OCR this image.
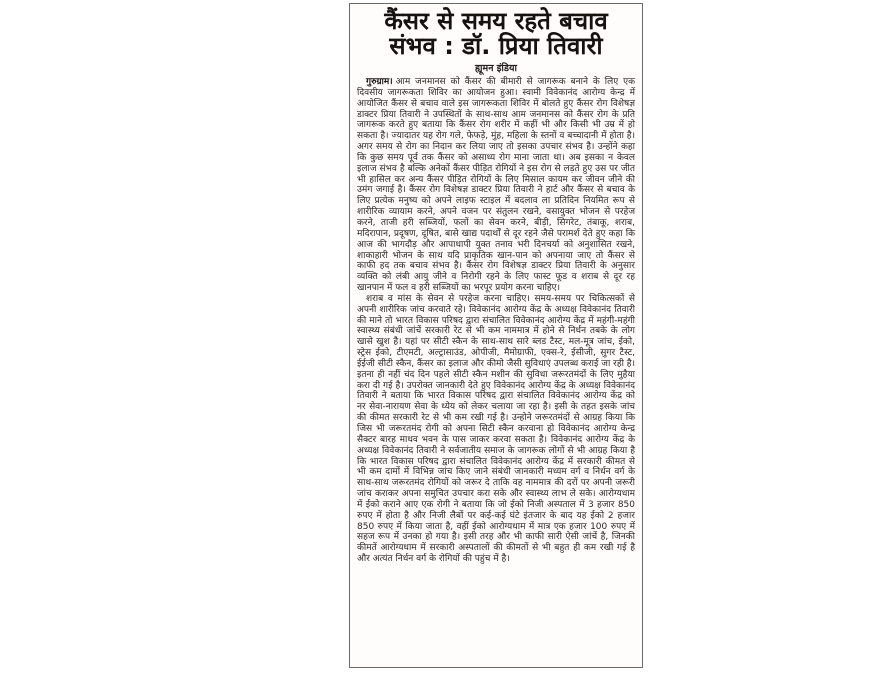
कैंसर से समय रहते बचाव
संभव : डॉ. प्रिया तिवारी
ह्यूमन इंडिया

गुरुग्राम। आम जनमानस को कैंसर की बीमारी से जागरूक बनाने के लिए एक दिवसीय जागरूकता शिविर का आयोजन हुआ। स्वामी विवेकानंद आरोग्य केन्द्र में आयोजित कैंसर से बचाव वाले इस जागरूकता शिविर में बोलते हुए कैंसर रोग विशेषज्ञ डाक्टर प्रिया तिवारी ने उपस्थितों के साथ-साथ आम जनमानस को कैंसर रोग के प्रति जागरूक करते हुए बताया कि कैंसर रोग शरीर में कहीं भी और किसी भी उम्र में हो सकता है। ज्यादातर यह रोग गले, फेफड़े, मुंह, महिला के स्तनों व बच्चादानी में होता है। अगर समय से रोग का निदान कर लिया जाए तो इसका उपचार संभव है। उन्होंने कहा कि कुछ समय पूर्व तक कैंसर को असाध्य रोग माना जाता था। अब इसका न केवल इलाज संभव है बल्कि अनेकों कैंसर पीड़ित रोगियों ने इस रोग से लड़ते हुए उस पर जीत भी हासिल कर अन्य कैंसर पीड़ित रोगियों के लिए मिसाल कायम कर जीवन जीने की उमंग जगाई है। कैंसर रोग विशेषज्ञ डाक्टर प्रिया तिवारी ने हार्ट और कैंसर से बचाव के लिए प्रत्येक मनुष्य को अपने लाइफ स्टाइल में बदलाव ला प्रतिदिन नियमित रूप से शारीरिक व्यायाम करने, अपने वजन पर संतुलन रखने, वसायुक्त भोजन से परहेज करने, ताजी हरी सब्जियों, फलों का सेवन करने, बीड़ी, सिगरेट, तंबाकू, शराब, मदिरापान, प्रदूषण, दूषित, बासे खाद्य पदार्थों से दूर रहने जैसे परामर्श देते हुए कहा कि आज की भागदौड़ और आपाधापी युक्त तनाव भरी दिनचर्या को अनुशासित रखने, शाकाहारी भोजन के साथ यदि प्राकृतिक खान-पान को अपनाया जाए तो कैंसर से काफी हद तक बचाव संभव है। कैंसर रोग विशेषज्ञ डाक्टर प्रिया तिवारी के अनुसार व्यक्ति को लंबी आयु जीने व निरोगी रहने के लिए फास्ट फूड व शराब से दूर रह खानपान में फल व हरी सब्जियों का भरपूर प्रयोग करना चाहिए।

शराब व मांस के सेवन से परहेज करना चाहिए। समय-समय पर चिकित्सकों से अपनी शारीरिक जांच करवाते रहे। विवेकानंद आरोग्य केंद्र के अध्यक्ष विवेकानंद तिवारी की माने तो भारत विकास परिषद द्वारा संचालित विवेकानंद आरोग्य केंद्र में महंगी-महंगी स्वास्थ्य संबंधी जांचें सरकारी रेट से भी कम नाममात्र में होने से निर्धन तबके के लोग खासे खुश है। यहां पर सीटी स्कैन के साथ-साथ सारे ब्लड टैस्ट, मल-मूत्र जांच, ईको, स्ट्रेस ईको, टीएमटी, अल्ट्रासाउंड, ओपीजी, मैमोग्राफी, एक्स-रे, ईसीजी, सुगर टैस्ट, ईईजी सीटी स्कैन, कैंसर का इलाज और कीमो जैसी सुविधाएं उपलब्ध कराई जा रही है। इतना ही नहीं चंद दिन पहले सीटी स्कैन मशीन की सुविधा जरूरतमंदों के लिए मुहैया करा दी गई है। उपरोक्त जानकारी देते हुए विवेकानंद आरोग्य केंद्र के अध्यक्ष विवेकानंद तिवारी ने बताया कि भारत विकास परिषद द्वारा संचालित विवेकानंद आरोग्य केंद्र को नर सेवा-नारायण सेवा के ध्येय को लेकर चलाया जा रहा है। इसी के तहत इसके जांच की कीमत सरकारी रेट से भी कम रखी गई है। उन्होने जरूरतमंदों से आग्रह किया कि जिस भी जरूरतमंद रोगी को अपना सिटी स्कैन करवाना हो विवेकानंद आरोग्य केन्द्र सैक्टर बारह माधव भवन के पास जाकर करवा सकता है। विवेकानंद आरोग्य केंद्र के अध्यक्ष विवेकानंद तिवारी ने सर्वजातीय समाज के जागरूक लोगों से भी आग्रह किया है कि भारत विकास परिषद द्वारा संचालित विवेकानंद आरोग्य केंद्र में सरकारी कीमत से भी कम दामों में विभिन्न जांच किए जाने संबंधी जानकारी मध्यम वर्ग व निर्धन वर्ग के साथ-साथ जरूरतमंद रोगियों को जरूर दे ताकि वह नाममात्र की दरों पर अपनी जरूरी जांच कराकर अपना समुचित उपचार करा सके और स्वास्थ्य लाभ ले सके। आरोग्यधाम में ईको कराने आए एक रोगी ने बताया कि जो ईको निजी अस्पताल में 3 हजार 850 रुपए में होता है और निजी लैबों पर कई-कई घंटे इंतजार के बाद यह ईको 2 हजार 850 रुपए में किया जाता है, वहीं ईको आरोग्यधाम में मात्र एक हजार 100 रुपए में सहज रूप में उनका हो गया है। इसी तरह और भी काफी सारी ऐसी जांचें है, जिनकी कीमतें आरोग्यधाम में सरकारी अस्पतालों की कीमतों से भी बहुत ही कम रखी गई है और अत्यंत निर्धन वर्ग के रोगियों की पहुंच में है।
